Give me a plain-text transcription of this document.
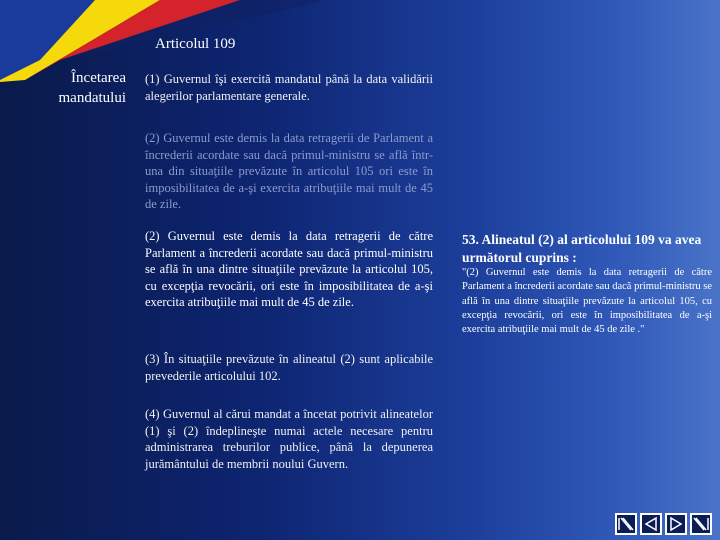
Articolul 109
Încetarea mandatului

(1) Guvernul îşi exercită mandatul până la data validării alegerilor parlamentare generale.

(2) Guvernul este demis la data retragerii de Parlament a încrederii acordate sau dacă primul-ministru se află într-una din situaţiile prevăzute în articolul 105 ori este în imposibilitatea de a-şi exercita atribuţiile mai mult de 45 de zile.

(2) Guvernul este demis la data retragerii de către Parlament a încrederii acordate sau dacă primul-ministru se află în una dintre situaţiile prevăzute la articolul 105, cu excepţia revocării, ori este în imposibilitatea de a-şi exercita atribuţiile mai mult de 45 de zile.

(3) În situaţiile prevăzute în alineatul (2) sunt aplicabile prevederile articolului 102.

(4) Guvernul al cărui mandat a încetat potrivit alineatelor (1) şi (2) îndeplineşte numai actele necesare pentru administrarea treburilor publice, până la depunerea jurământului de membrii noului Guvern.

53. Alineatul (2) al articolului 109 va avea următorul cuprins :
"(2) Guvernul este demis la data retragerii de către Parlament a încrederii acordate sau dacă primul-ministru se află în una dintre situaţiile prevăzute la articolul 105, cu excepţia revocării, ori este în imposibilitatea de a-şi exercita atribuţiile mai mult de 45 de zile ."
